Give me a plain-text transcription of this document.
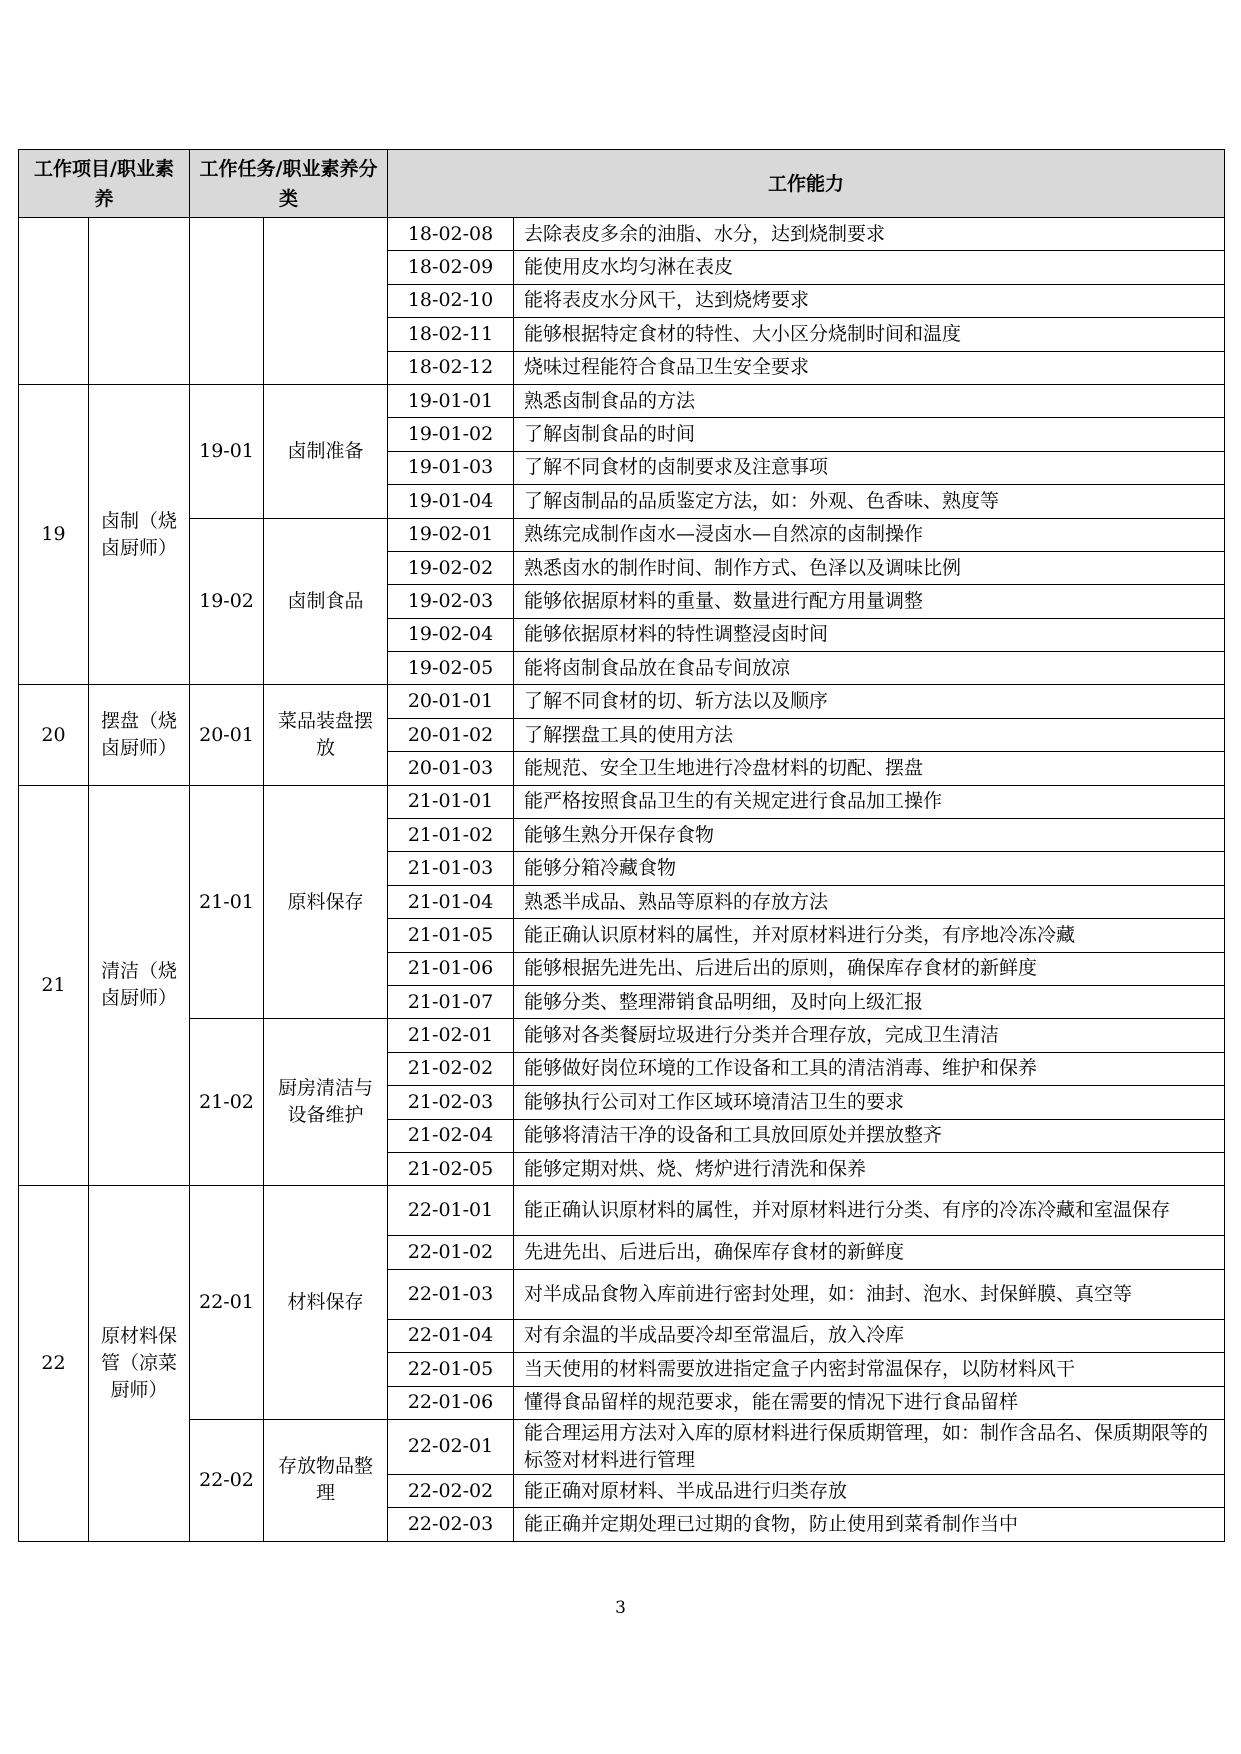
工作项目/职业素养		工作任务/职业素养分类		工作能力	
				18-02-08	去除表皮多余的油脂、水分，达到烧制要求
				18-02-09	能使用皮水均匀淋在表皮
				18-02-10	能将表皮水分风干，达到烧烤要求
				18-02-11	能够根据特定食材的特性、大小区分烧制时间和温度
				18-02-12	烧味过程能符合食品卫生安全要求
19	卤制（烧卤厨师）	19-01	卤制准备	19-01-01	熟悉卤制食品的方法
				19-01-02	了解卤制食品的时间
				19-01-03	了解不同食材的卤制要求及注意事项
				19-01-04	了解卤制品的品质鉴定方法，如：外观、色香味、熟度等
		19-02	卤制食品	19-02-01	熟练完成制作卤水—浸卤水—自然凉的卤制操作
				19-02-02	熟悉卤水的制作时间、制作方式、色泽以及调味比例
				19-02-03	能够依据原材料的重量、数量进行配方用量调整
				19-02-04	能够依据原材料的特性调整浸卤时间
				19-02-05	能将卤制食品放在食品专间放凉
20	摆盘（烧卤厨师）	20-01	菜品装盘摆放	20-01-01	了解不同食材的切、斩方法以及顺序
				20-01-02	了解摆盘工具的使用方法
				20-01-03	能规范、安全卫生地进行冷盘材料的切配、摆盘
21	清洁（烧卤厨师）	21-01	原料保存	21-01-01	能严格按照食品卫生的有关规定进行食品加工操作
				21-01-02	能够生熟分开保存食物
				21-01-03	能够分箱冷藏食物
				21-01-04	熟悉半成品、熟品等原料的存放方法
				21-01-05	能正确认识原材料的属性，并对原材料进行分类，有序地冷冻冷藏
				21-01-06	能够根据先进先出、后进后出的原则，确保库存食材的新鲜度
				21-01-07	能够分类、整理滞销食品明细，及时向上级汇报
		21-02	厨房清洁与设备维护	21-02-01	能够对各类餐厨垃圾进行分类并合理存放，完成卫生清洁
				21-02-02	能够做好岗位环境的工作设备和工具的清洁消毒、维护和保养
				21-02-03	能够执行公司对工作区域环境清洁卫生的要求
				21-02-04	能够将清洁干净的设备和工具放回原处并摆放整齐
				21-02-05	能够定期对烘、烧、烤炉进行清洗和保养
22	原材料保管（凉菜厨师）	22-01	材料保存	22-01-01	能正确认识原材料的属性，并对原材料进行分类、有序的冷冻冷藏和室温保存
				22-01-02	先进先出、后进后出，确保库存食材的新鲜度
				22-01-03	对半成品食物入库前进行密封处理，如：油封、泡水、封保鲜膜、真空等
				22-01-04	对有余温的半成品要冷却至常温后，放入冷库
				22-01-05	当天使用的材料需要放进指定盒子内密封常温保存，以防材料风干
				22-01-06	懂得食品留样的规范要求，能在需要的情况下进行食品留样
		22-02	存放物品整理	22-02-01	能合理运用方法对入库的原材料进行保质期管理，如：制作含品名、保质期限等的标签对材料进行管理
				22-02-02	能正确对原材料、半成品进行归类存放
				22-02-03	能正确并定期处理已过期的食物，防止使用到菜肴制作当中
3
